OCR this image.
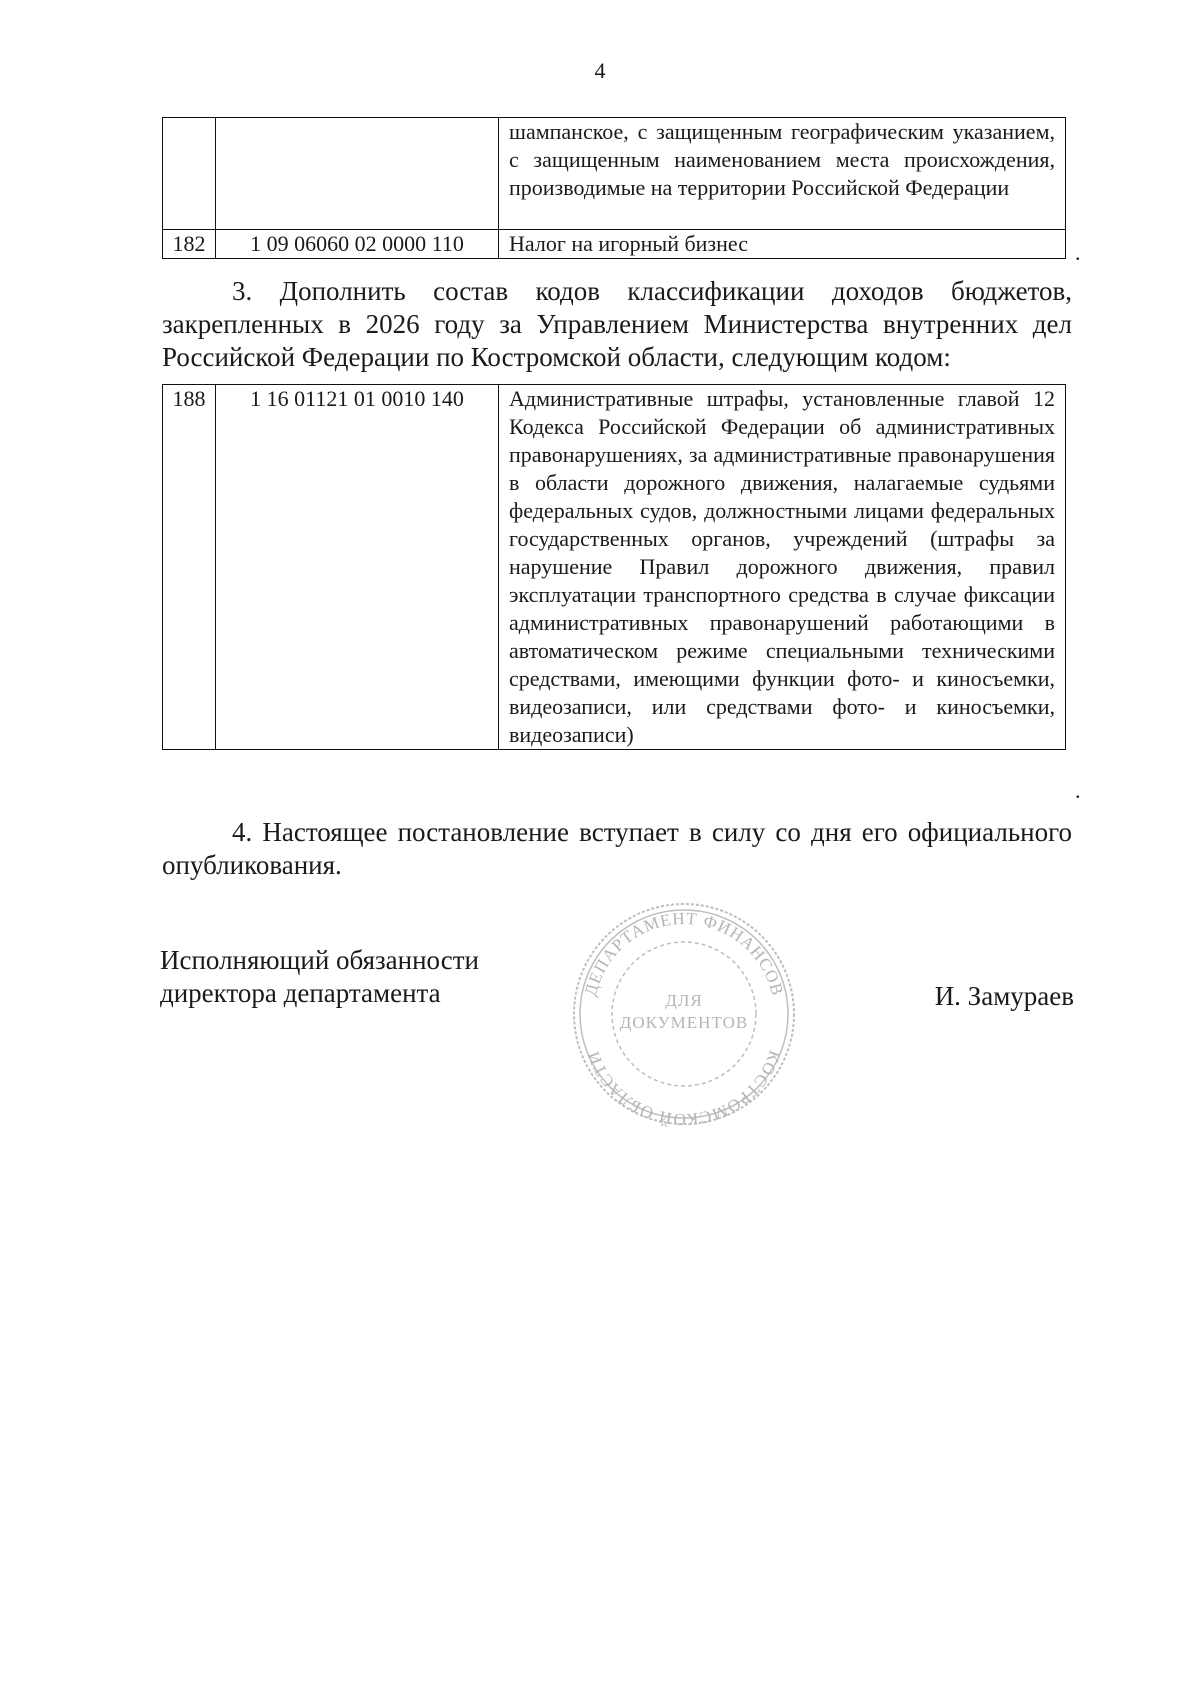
4
		шампанское, с защищенным географическим указанием, с защищенным наименованием места происхождения, производимые на территории Российской Федерации
182	1 09 06060 02 0000 110	Налог на игорный бизнес	.
3. Дополнить состав кодов классификации доходов бюджетов, закрепленных в 2026 году за Управлением Министерства внутренних дел Российской Федерации по Костромской области, следующим кодом:
188	1 16 01121 01 0010 140	Административные штрафы, установленные главой 12 Кодекса Российской Федерации об административных правонарушениях, за административные правонарушения в области дорожного движения, налагаемые судьями федеральных судов, должностными лицами федеральных государственных органов, учреждений (штрафы за нарушение Правил дорожного движения, правил эксплуатации транспортного средства в случае фиксации административных правонарушений работающими в автоматическом режиме специальными техническими средствами, имеющими функции фото- и киносъемки, видеозаписи, или средствами фото- и киносъемки, видеозаписи)
.
4. Настоящее постановление вступает в силу со дня его официального опубликования.
Исполняющий обязанности
директора департамента	ДЕПАРТАМЕНТ ФИНАНСОВ
КОСТРОМСКОЙ ОБЛАСТИ
ДЛЯ
ДОКУМЕНТОВ
И. Замураев
